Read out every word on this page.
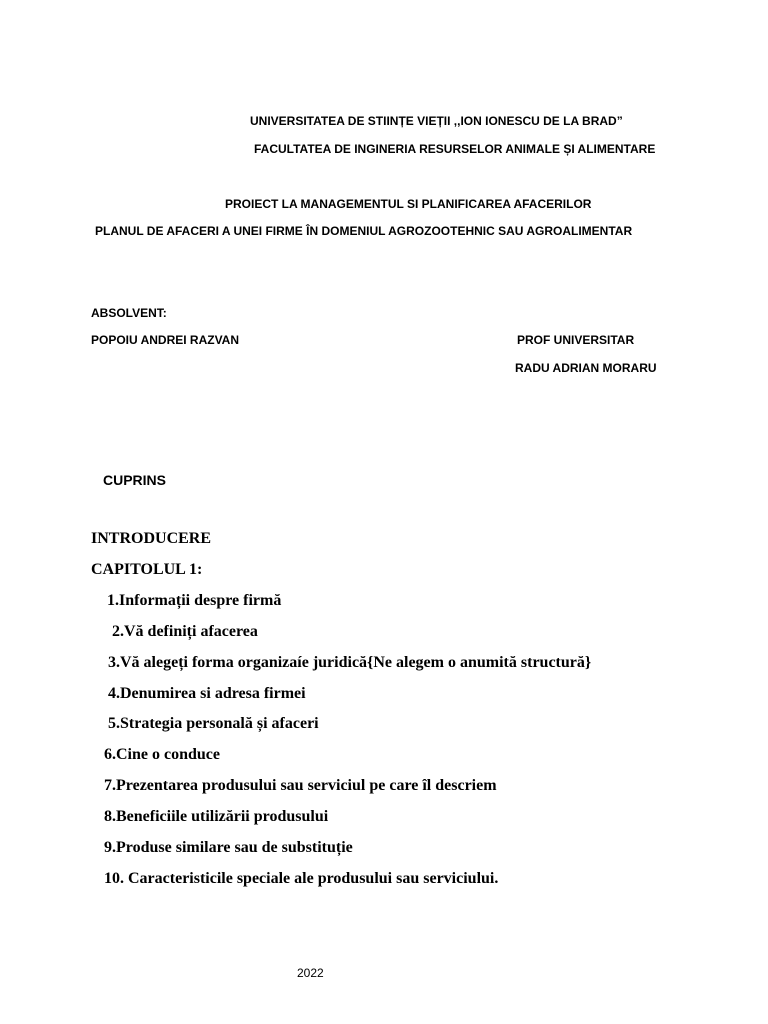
UNIVERSITATEA DE STIINȚE VIEȚII ,,ION IONESCU DE LA BRAD”
FACULTATEA DE INGINERIA RESURSELOR ANIMALE ȘI ALIMENTARE
PROIECT LA MANAGEMENTUL SI PLANIFICAREA AFACERILOR
PLANUL DE AFACERI A UNEI FIRME ÎN DOMENIUL AGROZOOTEHNIC SAU AGROALIMENTAR
ABSOLVENT:
POPOIU ANDREI RAZVAN	PROF UNIVERSITAR
RADU ADRIAN MORARU
CUPRINS
INTRODUCERE
CAPITOLUL 1:
1.Informații despre firmă
2.Vă definiți afacerea
3.Vă alegeți forma organizaíe juridică{Ne alegem o anumită structură}
4.Denumirea si adresa firmei
5.Strategia personală și afaceri
6.Cine o conduce
7.Prezentarea produsului sau serviciul pe care îl descriem
8.Beneficiile utilizării produsului
9.Produse similare sau de substituție
10. Caracteristicile speciale ale produsului sau serviciului.
2022
